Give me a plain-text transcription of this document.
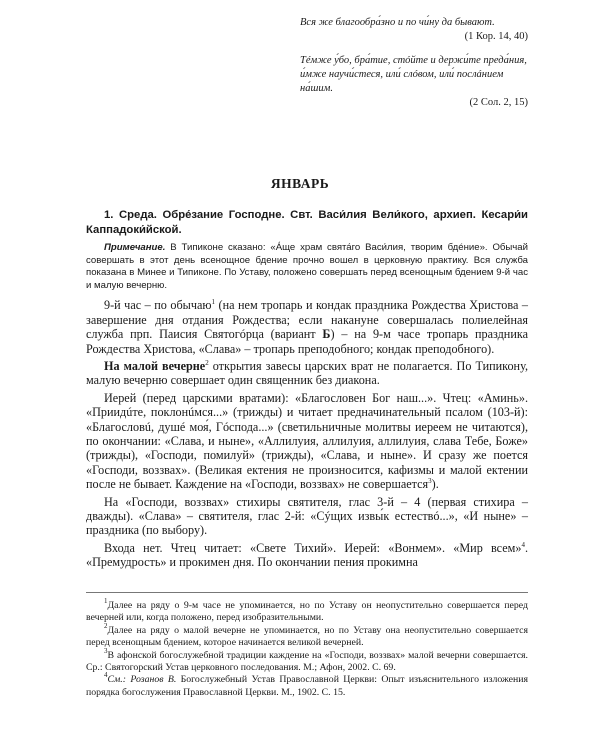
Вся же благообра́зно и по чи́ну да бывают.
(1 Кор. 14, 40)
Тéмже у́бо, бра́тие, стóйте и держи́те преда́ния, и́мже научи́стеся, или́ слóвом, или́ послáнием на́шим.
(2 Сол. 2, 15)
ЯНВАРЬ

1. Среда. Обре́зание Господне. Свт. Васи́лия Вели́кого, архиеп. Кесари́и Каппадоки́йской.

Примечание. В Типиконе сказано: «А́ще храм свята́го Васи́лия, творим бдéние». Обычай совершать в этот день всенощное бдение прочно вошел в церковную практику. Вся служба показана в Минее и Типиконе. По Уставу, положено совершать перед всенощным бдением 9-й час и малую вечерню.

9-й час – по обычаю$^1$ (на нем тропарь и кондак праздника Рождества Христова – завершение дня отдания Рождества; если накануне совершалась полиелейная служба прп. Паисия Святогóрца (вариант Б) – на 9-м часе тропарь праздника Рождества Христова, «Слава» – тропарь преподобного; кондак преподобного).

На малой вечерне$^2$ открытия завесы царских врат не полагается. По Типикону, малую вечерню совершает один священник без диакона.

Иерей (перед царскими вратами): «Благословен Бог наш...». Чтец: «Аминь». «Приидúте, поклонúмся...» (трижды) и читает предначинательный псалом (103-й): «Благословú, душé моя́, Гóспода...» (светильничные молитвы иереем не читаются), по окончании: «Слава, и ныне», «Аллилуия, аллилуия, аллилуия, слава Тебе, Боже» (трижды), «Господи, помилуй» (трижды), «Слава, и ныне». И сразу же поется «Господи, воззвах». (Великая ектения не произносится, кафизмы и малой ектении после не бывает. Каждение на «Господи, воззвах» не совершается$^3$).

На «Господи, воззвах» стихиры святителя, глас 3-й – 4 (первая стихира – дважды). «Слава» – святителя, глас 2-й: «Сýщих извы́к естествó...», «И ныне» – праздника (по выбору).

Входа нет. Чтец читает: «Свете Тихий». Иерей: «Вонмем». «Мир всем»$^4$. «Премудрость» и прокимен дня. По окончании пения прокимна

$^1$Далее на ряду о 9-м часе не упоминается, но по Уставу он неопустительно совершается перед вечерней или, когда положено, перед изобразительными.

$^2$Далее на ряду о малой вечерне не упоминается, но по Уставу она неопустительно совершается перед всенощным бдением, которое начинается великой вечерней.

$^3$В афонской богослужебной традиции каждение на «Господи, воззвах» малой вечерни совершается. Ср.: Святогорский Устав церковного последования. М.; Афон, 2002. С. 69.

$^4$См.: Розанов В. Богослужебный Устав Православной Церкви: Опыт изъяснительного изложения порядка богослужения Православной Церкви. М., 1902. С. 15.
